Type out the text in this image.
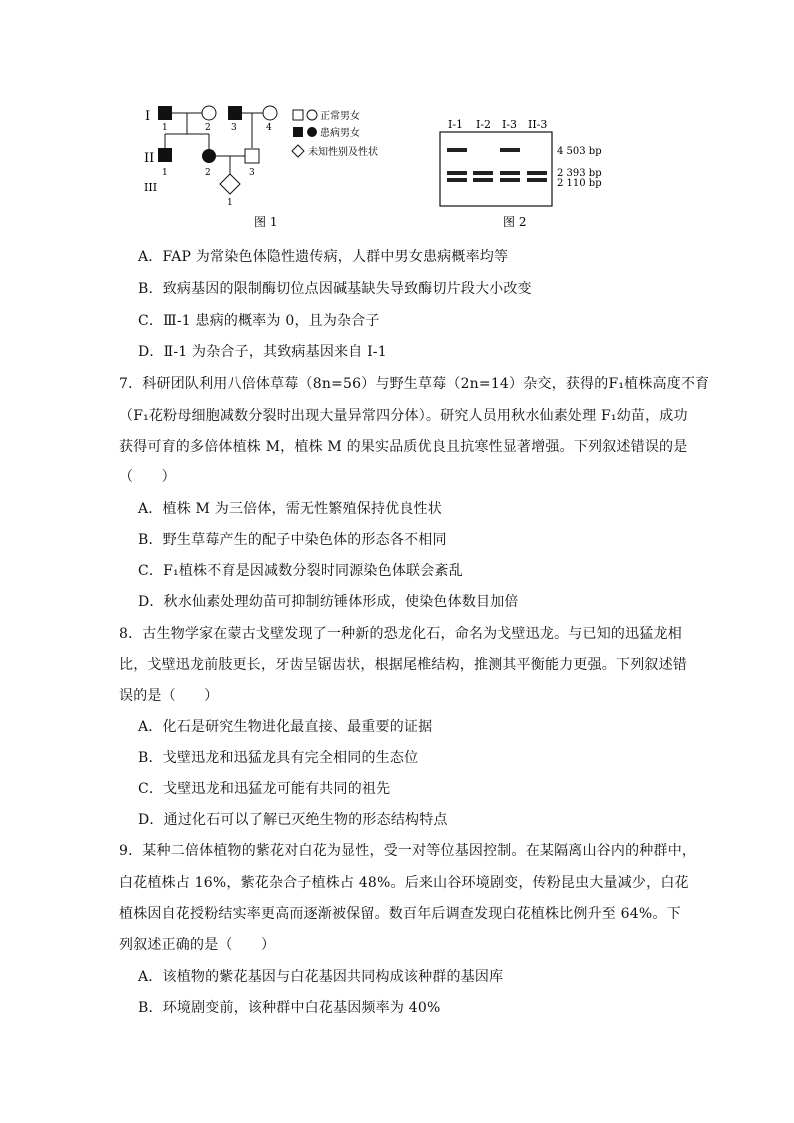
I
II
III
1	2 3	4
1	2	3
1
正常男女
患病男女
未知性别及性状
图 1
I-1 I-2 I-3 II-3
4 503 bp
2 393 bp
2 110 bp
图 2
A．FAP 为常染色体隐性遗传病，人群中男女患病概率均等
B．致病基因的限制酶切位点因碱基缺失导致酶切片段大小改变
C．Ⅲ-1 患病的概率为 0，且为杂合子
D．Ⅱ-1 为杂合子，其致病基因来自 I-1
7．科研团队利用八倍体草莓（8n=56）与野生草莓（2n=14）杂交，获得的F₁植株高度不育
（F₁花粉母细胞减数分裂时出现大量异常四分体）。研究人员用秋水仙素处理 F₁幼苗，成功
获得可育的多倍体植株 M，植株 M 的果实品质优良且抗寒性显著增强。下列叙述错误的是
（　　）
A．植株 M 为三倍体，需无性繁殖保持优良性状
B．野生草莓产生的配子中染色体的形态各不相同
C．F₁植株不育是因减数分裂时同源染色体联会紊乱
D．秋水仙素处理幼苗可抑制纺锤体形成，使染色体数目加倍
8．古生物学家在蒙古戈壁发现了一种新的恐龙化石，命名为戈壁迅龙。与已知的迅猛龙相
比，戈壁迅龙前肢更长，牙齿呈锯齿状，根据尾椎结构，推测其平衡能力更强。下列叙述错
误的是（　　）
A．化石是研究生物进化最直接、最重要的证据
B．戈壁迅龙和迅猛龙具有完全相同的生态位
C．戈壁迅龙和迅猛龙可能有共同的祖先
D．通过化石可以了解已灭绝生物的形态结构特点
9．某种二倍体植物的紫花对白花为显性，受一对等位基因控制。在某隔离山谷内的种群中，
白花植株占 16%，紫花杂合子植株占 48%。后来山谷环境剧变，传粉昆虫大量减少，白花
植株因自花授粉结实率更高而逐渐被保留。数百年后调查发现白花植株比例升至 64%。下
列叙述正确的是（　　）
A．该植物的紫花基因与白花基因共同构成该种群的基因库
B．环境剧变前，该种群中白花基因频率为 40%
